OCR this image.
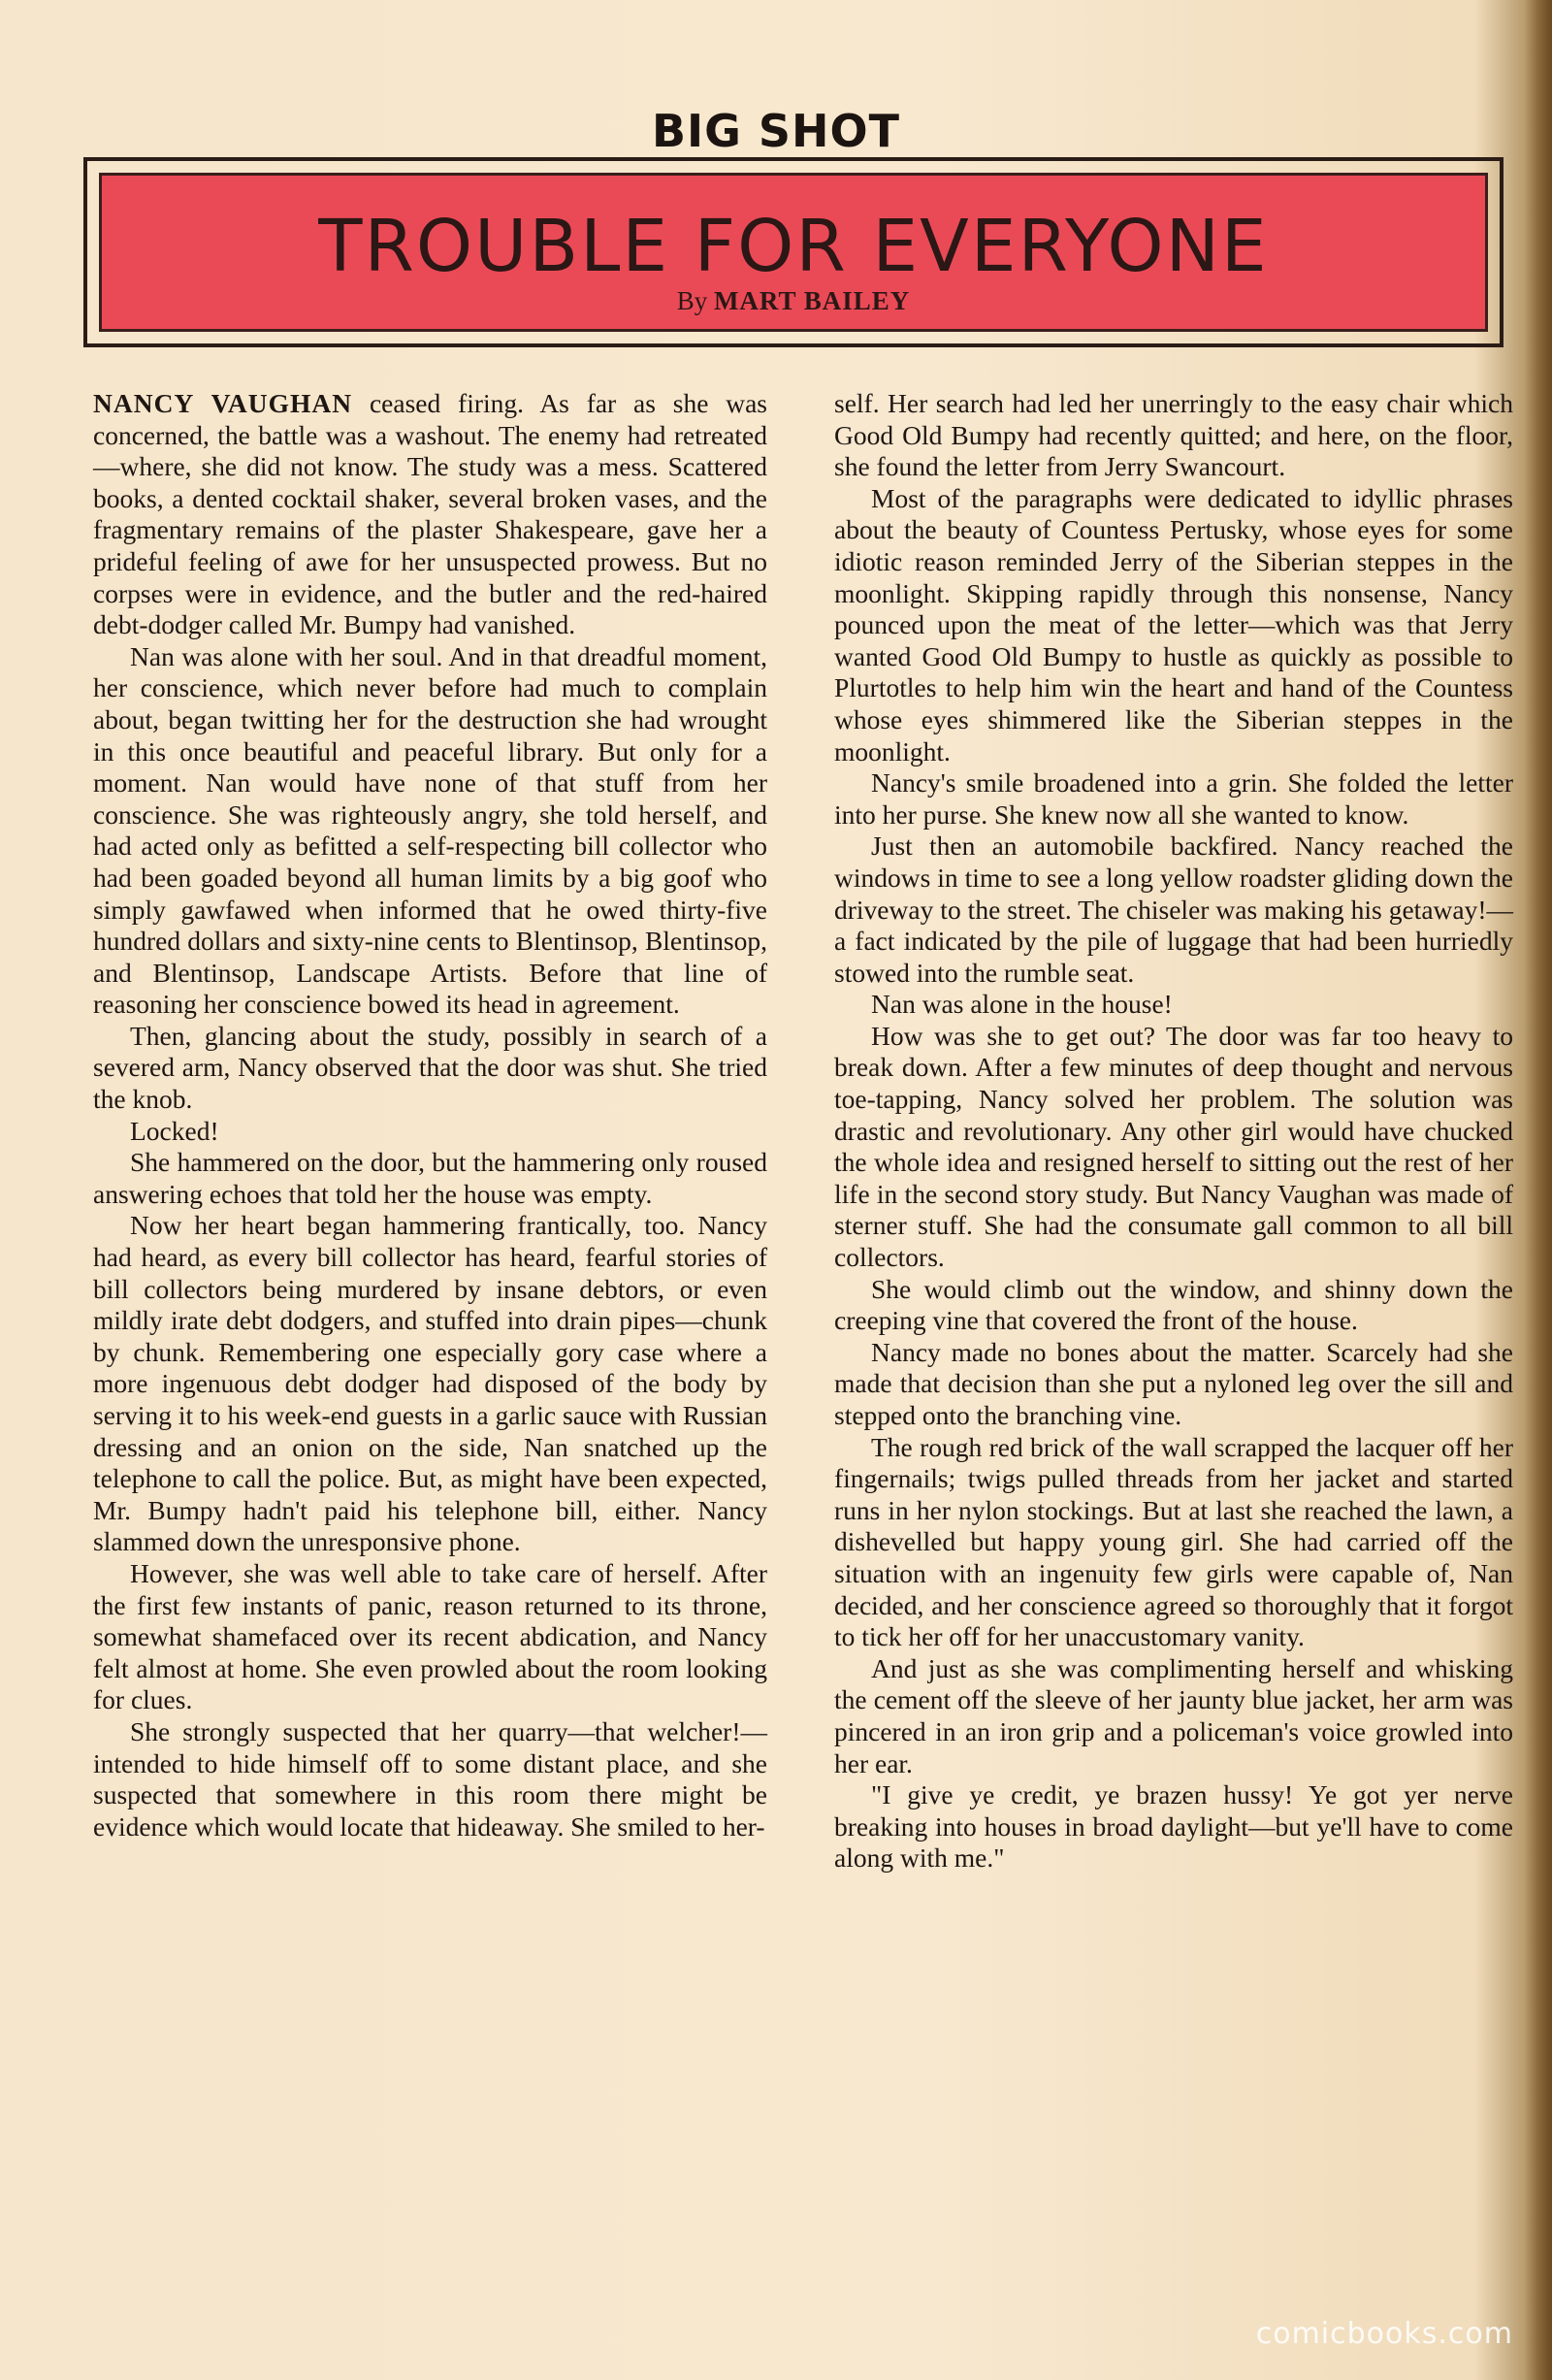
BIG SHOT
TROUBLE FOR EVERYONE
By MART BAILEY

NANCY VAUGHAN ceased firing. As far as she was concerned, the battle was a washout. The enemy had retreated—where, she did not know. The study was a mess. Scattered books, a dented cocktail shaker, several broken vases, and the fragmentary remains of the plaster Shakespeare, gave her a prideful feeling of awe for her unsuspected prowess. But no corpses were in evidence, and the butler and the red-haired debt-dodger called Mr. Bumpy had vanished.

Nan was alone with her soul. And in that dreadful moment, her conscience, which never before had much to complain about, began twitting her for the destruction she had wrought in this once beautiful and peaceful library. But only for a moment. Nan would have none of that stuff from her conscience. She was righteously angry, she told herself, and had acted only as befitted a self-respecting bill collector who had been goaded beyond all human limits by a big goof who simply gawfawed when informed that he owed thirty-five hundred dollars and sixty-nine cents to Blentinsop, Blentinsop, and Blentinsop, Landscape Artists. Before that line of reasoning her conscience bowed its head in agreement.

Then, glancing about the study, possibly in search of a severed arm, Nancy observed that the door was shut. She tried the knob.

Locked!

She hammered on the door, but the hammering only roused answering echoes that told her the house was empty.

Now her heart began hammering frantically, too. Nancy had heard, as every bill collector has heard, fearful stories of bill collectors being murdered by insane debtors, or even mildly irate debt dodgers, and stuffed into drain pipes—chunk by chunk. Remembering one especially gory case where a more ingenuous debt dodger had disposed of the body by serving it to his week-end guests in a garlic sauce with Russian dressing and an onion on the side, Nan snatched up the telephone to call the police. But, as might have been expected, Mr. Bumpy hadn't paid his telephone bill, either. Nancy slammed down the unresponsive phone.

However, she was well able to take care of herself. After the first few instants of panic, reason returned to its throne, somewhat shamefaced over its recent abdication, and Nancy felt almost at home. She even prowled about the room looking for clues.

She strongly suspected that her quarry—that welcher!—intended to hide himself off to some distant place, and she suspected that somewhere in this room there might be evidence which would locate that hideaway. She smiled to her-

self. Her search had led her unerringly to the easy chair which Good Old Bumpy had recently quitted; and here, on the floor, she found the letter from Jerry Swancourt.

Most of the paragraphs were dedicated to idyllic phrases about the beauty of Countess Pertusky, whose eyes for some idiotic reason reminded Jerry of the Siberian steppes in the moonlight. Skipping rapidly through this nonsense, Nancy pounced upon the meat of the letter—which was that Jerry wanted Good Old Bumpy to hustle as quickly as possible to Plurtotles to help him win the heart and hand of the Countess whose eyes shimmered like the Siberian steppes in the moonlight.

Nancy's smile broadened into a grin. She folded the letter into her purse. She knew now all she wanted to know.

Just then an automobile backfired. Nancy reached the windows in time to see a long yellow roadster gliding down the driveway to the street. The chiseler was making his getaway!—a fact indicated by the pile of luggage that had been hurriedly stowed into the rumble seat.

Nan was alone in the house!

How was she to get out? The door was far too heavy to break down. After a few minutes of deep thought and nervous toe-tapping, Nancy solved her problem. The solution was drastic and revolutionary. Any other girl would have chucked the whole idea and resigned herself to sitting out the rest of her life in the second story study. But Nancy Vaughan was made of sterner stuff. She had the consumate gall common to all bill collectors.

She would climb out the window, and shinny down the creeping vine that covered the front of the house.

Nancy made no bones about the matter. Scarcely had she made that decision than she put a nyloned leg over the sill and stepped onto the branching vine.

The rough red brick of the wall scrapped the lacquer off her fingernails; twigs pulled threads from her jacket and started runs in her nylon stockings. But at last she reached the lawn, a dishevelled but happy young girl. She had carried off the situation with an ingenuity few girls were capable of, Nan decided, and her conscience agreed so thoroughly that it forgot to tick her off for her unaccustomary vanity.

And just as she was complimenting herself and whisking the cement off the sleeve of her jaunty blue jacket, her arm was pincered in an iron grip and a policeman's voice growled into her ear.

"I give ye credit, ye brazen hussy! Ye got yer nerve breaking into houses in broad daylight—but ye'll have to come along with me."

comicbooks.com
